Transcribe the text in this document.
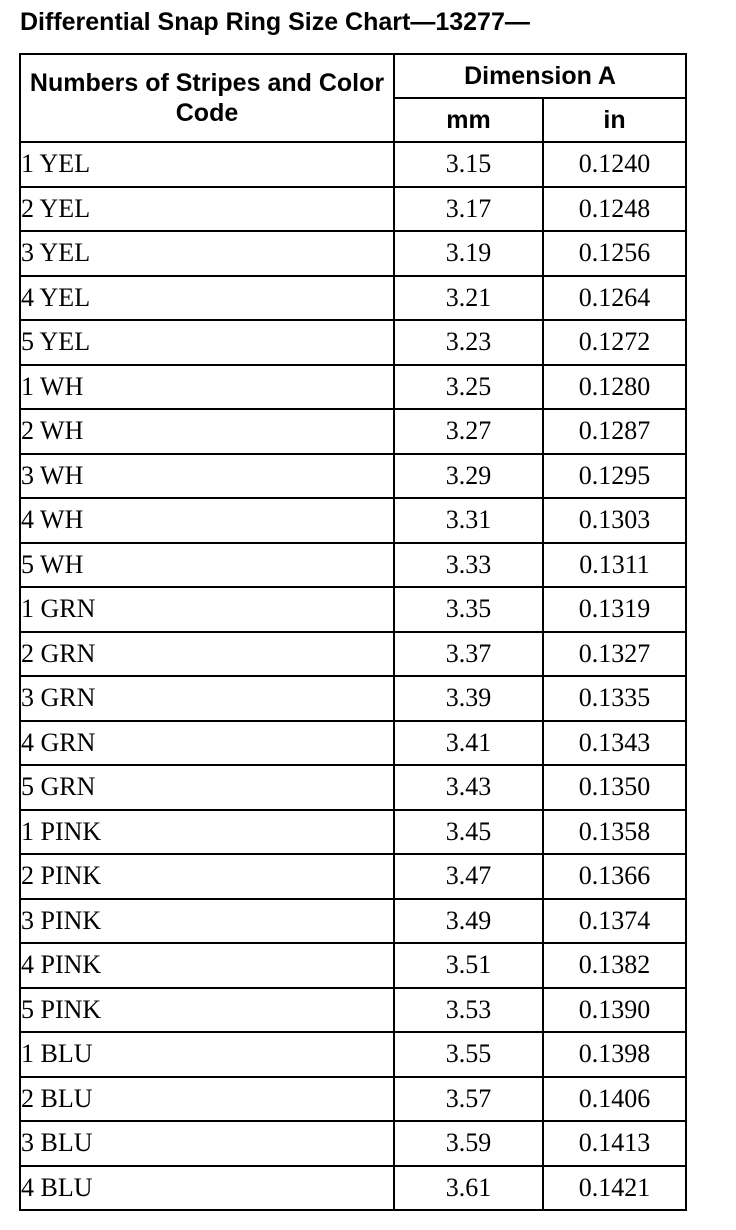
Differential Snap Ring Size Chart—13277—
Numbers of Stripes and Color Code	Dimension A	
	mm	in
1 YEL	3.15	0.1240
2 YEL	3.17	0.1248
3 YEL	3.19	0.1256
4 YEL	3.21	0.1264
5 YEL	3.23	0.1272
1 WH	3.25	0.1280
2 WH	3.27	0.1287
3 WH	3.29	0.1295
4 WH	3.31	0.1303
5 WH	3.33	0.1311
1 GRN	3.35	0.1319
2 GRN	3.37	0.1327
3 GRN	3.39	0.1335
4 GRN	3.41	0.1343
5 GRN	3.43	0.1350
1 PINK	3.45	0.1358
2 PINK	3.47	0.1366
3 PINK	3.49	0.1374
4 PINK	3.51	0.1382
5 PINK	3.53	0.1390
1 BLU	3.55	0.1398
2 BLU	3.57	0.1406
3 BLU	3.59	0.1413
4 BLU	3.61	0.1421
